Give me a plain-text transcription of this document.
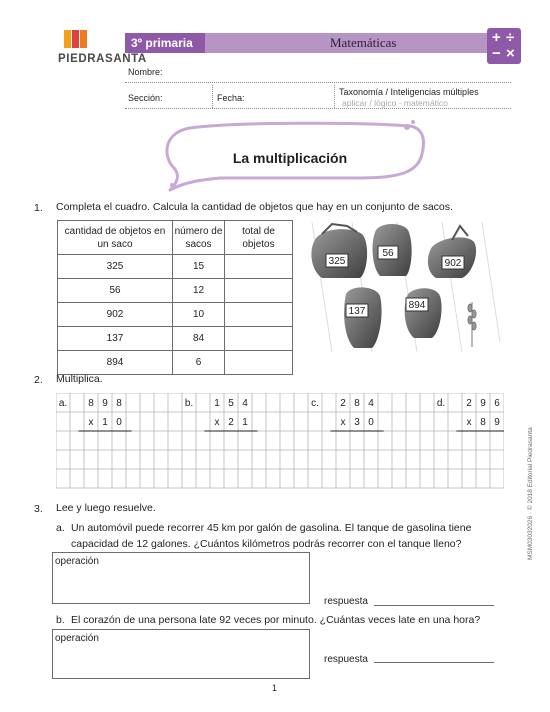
PIEDRASANTA
3º primaria	Matemáticas	+ ÷
− ×
Nombre:
Sección:	Fecha:
Taxonomía / Inteligencias múltiples
aplicar / lógico - matemático
La multiplicación
1. Completa el cuadro. Calcula la cantidad de objetos que hay en un conjunto de sacos.
cantidad de objetos en un saco	número de sacos	total de objetos
325	15	
56	12	
902	10	
137	84	
894	6	
325
56
902
137
894
2. Multiplica.
a. 8 9 8
x 1 0
b. 1 5 4
x 2 1
c. 2 8 4
x 3 0
d. 2 9 6
x 8 9
3. Lee y luego resuelve.
a. Un automóvil puede recorrer 45 km por galón de gasolina. El tanque de gasolina tiene
capacidad de 12 galones. ¿Cuántos kilómetros podrás recorrer con el tanque lleno?
operación
respuesta
b. El corazón de una persona late 92 veces por minuto. ¿Cuántas veces late en una hora?
operación
respuesta
1
MSM03032026 · © 2018 Editorial Piedrasanta
